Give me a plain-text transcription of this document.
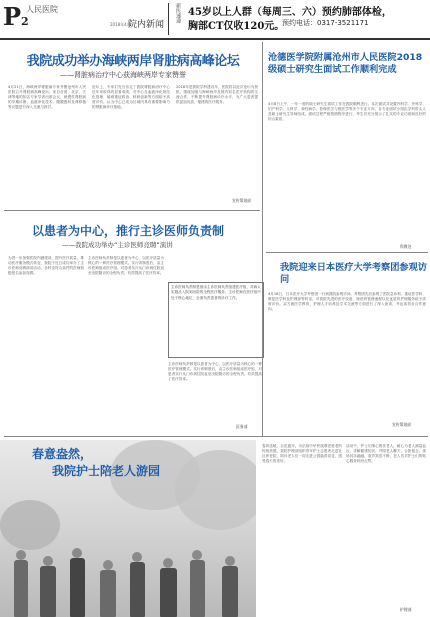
P2
人民医院
2018年4月
院内新闻
新医速递 45岁以上人群（每周三、六）预约肺部体检，
胸部CT仅收120元。
预约电话：0317-3521171
我院成功举办海峡两岸肾脏病高峰论坛
——肾脏病治疗中心获海峡两岸专家赞誉
4月21日，海峡两岸肾脏病专家齐聚沧州市人民医院召开肾脏病高峰论坛。来自台湾、北京、天津等地的知名专家学者出席会议，就慢性肾脏病的早期诊断、血液净化技术、腹膜透析及肾移植等议题进行深入交流与探讨。
论坛上，专家们充分肯定了我院肾脏病治疗中心近年来取得的显著成绩，对中心在血液净化规范化管理、疑难重症救治、科研创新等方面给予高度评价，认为中心已成为区域内具有重要影响力的肾脏病诊疗基地。
2018年是我院学科建设年，医院将以此次论坛为契机，继续加强与海峡两岸及国内知名医疗机构的交流合作，不断提升肾脏病诊疗水平，为广大患者提供更加优质、便捷的医疗服务。
宣传策划部
沧德医学院附属沧州市人民医院2018级硕士研究生面试工作顺利完成
4月8日上午，一年一度的硕士研究生面试工作在我院顺利进行。本次面试共设置内科学、外科学、妇产科学、儿科学、神经病学、影像医学与核医学等多个专业方向，各专业面试小组由学科带头人及硕士研究生导师组成。面试过程严格按照程序进行，考生们充分展示了扎实的专业功底和良好的综合素质。
科教处
我院迎来日本医疗大学考察团参观访问
4月18日，日本医疗大学考察团一行到我院参观访问。考察团先后参观了医院急诊科、重症医学科、康复医学科及护理部等科室，对我院先进的医疗设备、规范的管理流程以及优质的护理服务给予高度评价。双方就医学教育、护理人才培养及学术交流等方面进行了深入座谈，并达成初步合作意向。
宣传策划部
以患者为中心，推行主诊医师负责制
——我院成功举办“主诊医师竞聘”演讲
为进一步加强医院内涵建设，提升医疗质量，推动医疗服务模式转变，我院于近日成功举办了主诊医师竞聘演讲活动，各科室符合条件的医师积极报名参加竞聘。
主诊医师负责制是以患者为中心、以医疗质量为核心的一种医疗管理模式。实行该制度后，由主诊医师组成医疗组，对患者实行从门诊到住院直至出院随访的全程负责，有效提高了医疗效率。
主诊医师负责制是指由主诊医师负责组建医疗组，对病人实施从入院到出院的全程医疗服务，主诊医师在医疗组中处于核心地位，全面负责患者的诊疗工作。
主诊医师负责制是以患者为中心、以医疗质量为核心的一种医疗管理模式。实行该制度后，由主诊医师组成医疗组，对患者实行从门诊到住院直至出院随访的全程负责，有效提高了医疗效率。
医务部
春意盎然，
我院护士陪老人游园
春风送暖，百花盛开。为弘扬中华民族尊老爱老的传统美德，我院护理部组织青年护士志愿者走进社区养老院，陪伴老人们一同走进公园踏青赏花，感受春天的美好。
活动中，护士们细心搀扶老人，耐心为老人测量血压、讲解健康知识，并陪老人聊天、合影留念，现场其乐融融，欢声笑语不断，老人们对护士们的贴心服务纷纷点赞。
护理部
